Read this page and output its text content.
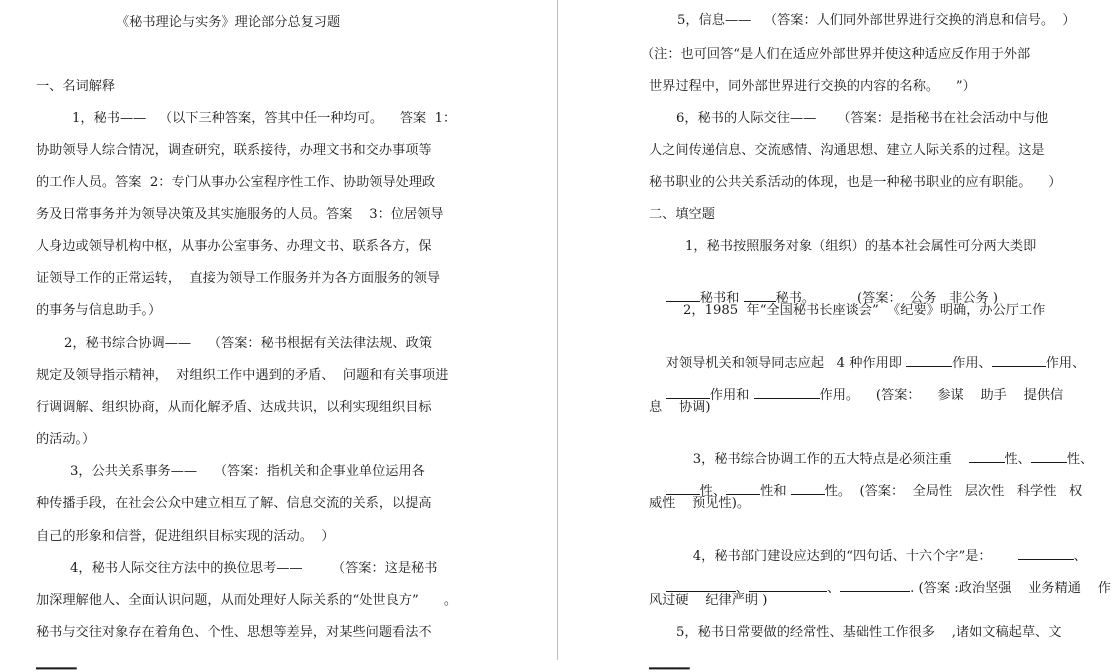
《秘书理论与实务》理论部分总复习题
一、名词解释
1，秘书——   （以下三种答案，答其中任一种均可。    答案  1：
协助领导人综合情况，调查研究，联系接待，办理文书和交办事项等
的工作人员。答案  2：专门从事办公室程序性工作、协助领导处理政
务及日常事务并为领导决策及其实施服务的人员。答案    3：位居领导
人身边或领导机构中枢，从事办公室事务、办理文书、联系各方，保
证领导工作的正常运转，  直接为领导工作服务并为各方面服务的领导
的事务与信息助手。）
2，秘书综合协调——    （答案：秘书根据有关法律法规、政策
规定及领导指示精神，  对组织工作中遇到的矛盾、  问题和有关事项进
行调调解、组织协商，从而化解矛盾、达成共识，以利实现组织目标
的活动。）
3，公共关系事务——    （答案：指机关和企事业单位运用各
种传播手段，在社会公众中建立相互了解、信息交流的关系，以提高
自己的形象和信誉，促进组织目标实现的活动。  ）
4，秘书人际交往方法中的换位思考——       （答案：这是秘书
加深理解他人、全面认识问题，从而处理好人际关系的“处世良方”      。
秘书与交往对象存在着角色、个性、思想等差异，对某些问题看法不
▁▁▁▁
5，信息——   （答案：人们同外部世界进行交换的消息和信号。  ）
（注：也可回答“是人们在适应外部世界并使这种适应反作用于外部
世界过程中，同外部世界进行交换的内容的名称。    ”）
6，秘书的人际交往——     （答案：是指秘书在社会活动中与他
人之间传递信息、交流感情、沟通思想、建立人际关系的过程。这是
秘书职业的公共关系活动的体现，也是一种秘书职业的应有职能。    ）
二、填空题
1，秘书按照服务对象（组织）的基本社会属性可分两大类即

秘书和 秘书。          (答案：  公务   非公务 )

2，1985  年“全国秘书长座谈会”  《纪要》明确，办公厅工作

对领导机关和领导同志应起   4 种作用即	作用、	作用、

作用和	作用。    (答案：    参谋    助手    提供信

息    协调)

3，秘书综合协调工作的五大特点是必须注重	性、	性、

性、	性和	性。  (答案：  全局性   层次性   科学性   权

威性    预见性)。

4，秘书部门建设应达到的“四句话、十六个字”是：	、

、	、	. (答案 :政治坚强    业务精通    作

风过硬    纪律严明 )
5，秘书日常要做的经常性、基础性工作很多    ,诸如文稿起草、文
▁▁▁▁
